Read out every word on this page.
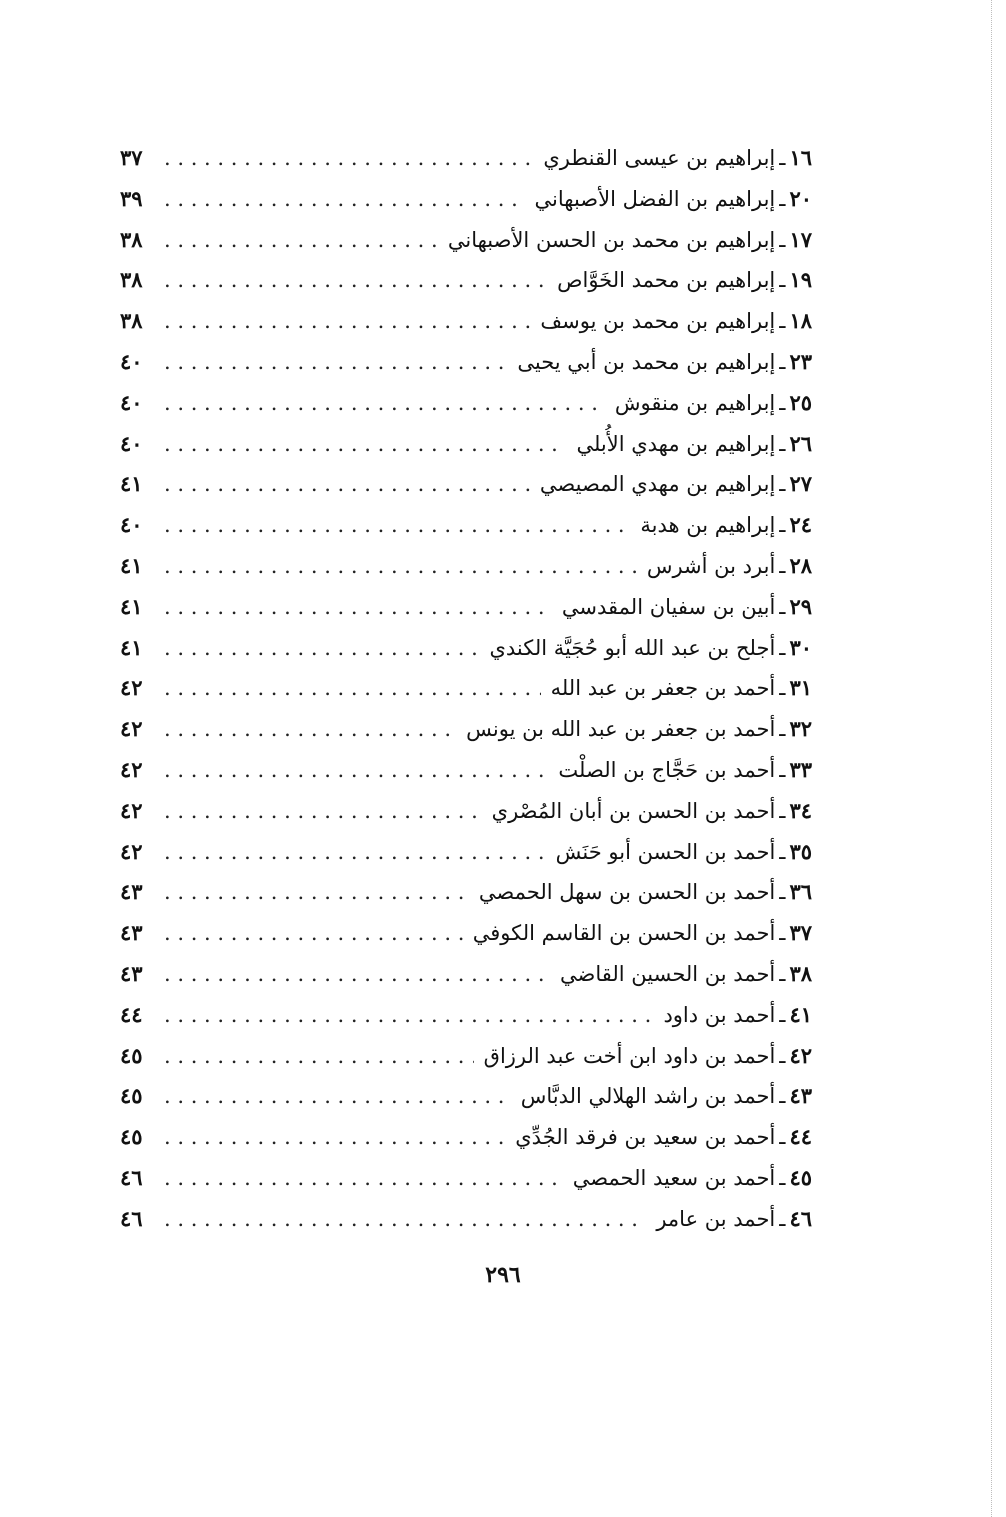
١٦
ـ
إبراهيم بن عيسى القنطري
. . .
٣٧
٢٠
ـ
إبراهيم بن الفضل الأصبهاني
. . .
٣٩
١٧
ـ
إبراهيم بن محمد بن الحسن الأصبهاني
. . .
٣٨
١٩
ـ
إبراهيم بن محمد الخَوَّاص
. . .
٣٨
١٨
ـ
إبراهيم بن محمد بن يوسف
. . .
٣٨
٢٣
ـ
إبراهيم بن محمد بن أبي يحيى
. . .
٤٠
٢٥
ـ
إبراهيم بن منقوش
. . .
٤٠
٢٦
ـ
إبراهيم بن مهدي الأُبلي
. . .
٤٠
٢٧
ـ
إبراهيم بن مهدي المصيصي
. . .
٤١
٢٤
ـ
إبراهيم بن هدبة
. . .
٤٠
٢٨
ـ
أبرد بن أشرس
. . .
٤١
٢٩
ـ
أبين بن سفيان المقدسي
. . .
٤١
٣٠
ـ
أجلح بن عبد الله أبو حُجَيَّة الكندي
. . .
٤١
٣١
ـ
أحمد بن جعفر بن عبد الله
. . .
٤٢
٣٢
ـ
أحمد بن جعفر بن عبد الله بن يونس
. . .
٤٢
٣٣
ـ
أحمد بن حَجَّاج بن الصلْت
. . .
٤٢
٣٤
ـ
أحمد بن الحسن بن أبان المُصْري
. . .
٤٢
٣٥
ـ
أحمد بن الحسن أبو حَنَش
. . .
٤٢
٣٦
ـ
أحمد بن الحسن بن سهل الحمصي
. . .
٤٣
٣٧
ـ
أحمد بن الحسن بن القاسم الكوفي
. . .
٤٣
٣٨
ـ
أحمد بن الحسين القاضي
. . .
٤٣
٤١
ـ
أحمد بن داود
. . .
٤٤
٤٢
ـ
أحمد بن داود ابن أخت عبد الرزاق
. . .
٤٥
٤٣
ـ
أحمد بن راشد الهلالي الدبَّاس
. . .
٤٥
٤٤
ـ
أحمد بن سعيد بن فرقد الجُدِّي
. . .
٤٥
٤٥
ـ
أحمد بن سعيد الحمصي
. . .
٤٦
٤٦
ـ
أحمد بن عامر
. . .
٤٦
٢٩٦
